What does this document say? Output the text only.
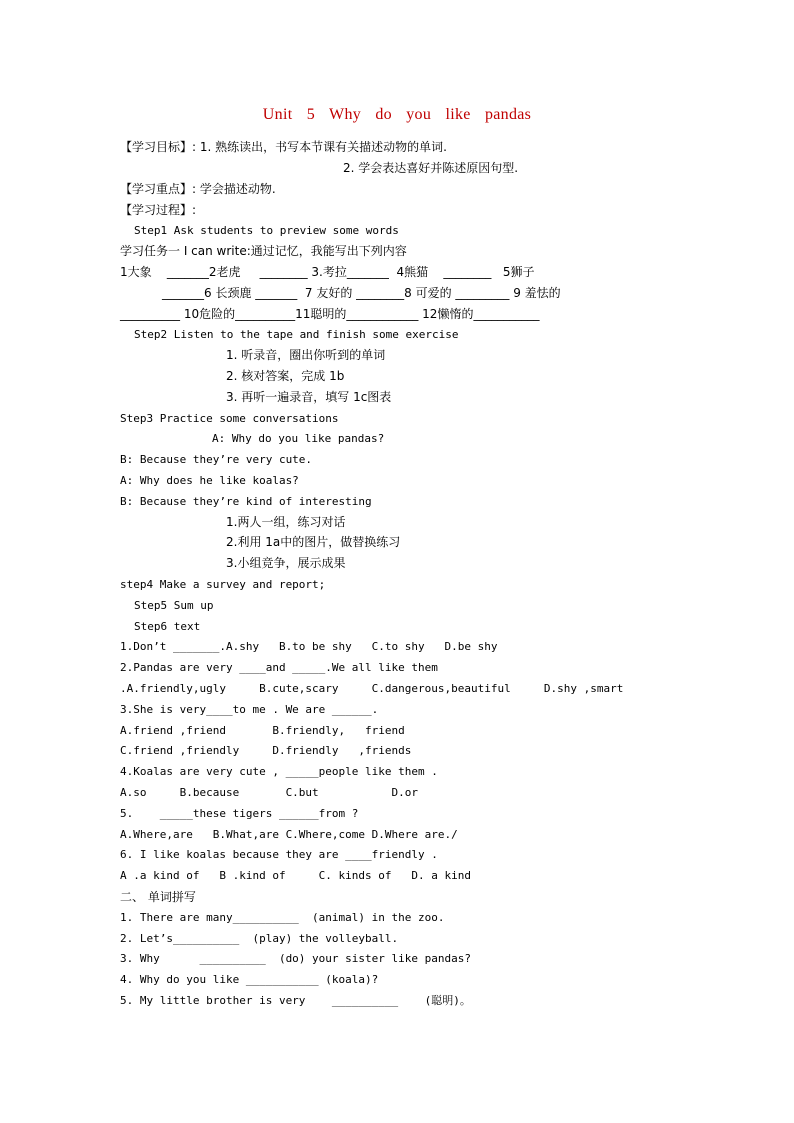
Unit 5 Why do you like pandas
【学习目标】: 1. 熟练读出，书写本节课有关描述动物的单词.
2. 学会表达喜好并陈述原因句型.
【学习重点】: 学会描述动物.
【学习过程】:
Step1 Ask students to preview some words
学习任务一 I can write:通过记忆，我能写出下列内容
1大象    _______2老虎     ________ 3.考拉_______  4熊猫    ________   5狮子
_______6 长颈鹿 _______  7 友好的 ________8 可爱的 _________ 9 羞怯的
__________ 10危险的__________11聪明的____________ 12懒惰的___________
Step2 Listen to the tape and finish some exercise
1. 听录音，圈出你听到的单词
2. 核对答案，完成 1b
3. 再听一遍录音，填写 1c图表
Step3 Practice some conversations
A: Why do you like pandas?
B: Because they’re very cute.
A: Why does he like koalas?
B: Because they’re kind of interesting
1.两人一组，练习对话
2.利用 1a中的图片，做替换练习
3.小组竞争，展示成果
step4 Make a survey and report;
Step5 Sum up
Step6 text
1.Don’t _______.A.shy   B.to be shy   C.to shy   D.be shy
2.Pandas are very ____and _____.We all like them
.A.friendly,ugly     B.cute,scary     C.dangerous,beautiful     D.shy ,smart
3.She is very____to me . We are ______.
A.friend ,friend       B.friendly,   friend
C.friend ,friendly     D.friendly   ,friends
4.Koalas are very cute , _____people like them .
A.so     B.because       C.but           D.or
5.    _____these tigers ______from ?
A.Where,are   B.What,are C.Where,come D.Where are./
6. I like koalas because they are ____friendly .
A .a kind of   B .kind of     C. kinds of   D. a kind
二、 单词拼写
1. There are many__________  (animal) in the zoo.
2. Let’s__________  (play) the volleyball.
3. Why      __________  (do) your sister like pandas?
4. Why do you like ___________ (koala)?
5. My little brother is very    __________    (聪明)。
